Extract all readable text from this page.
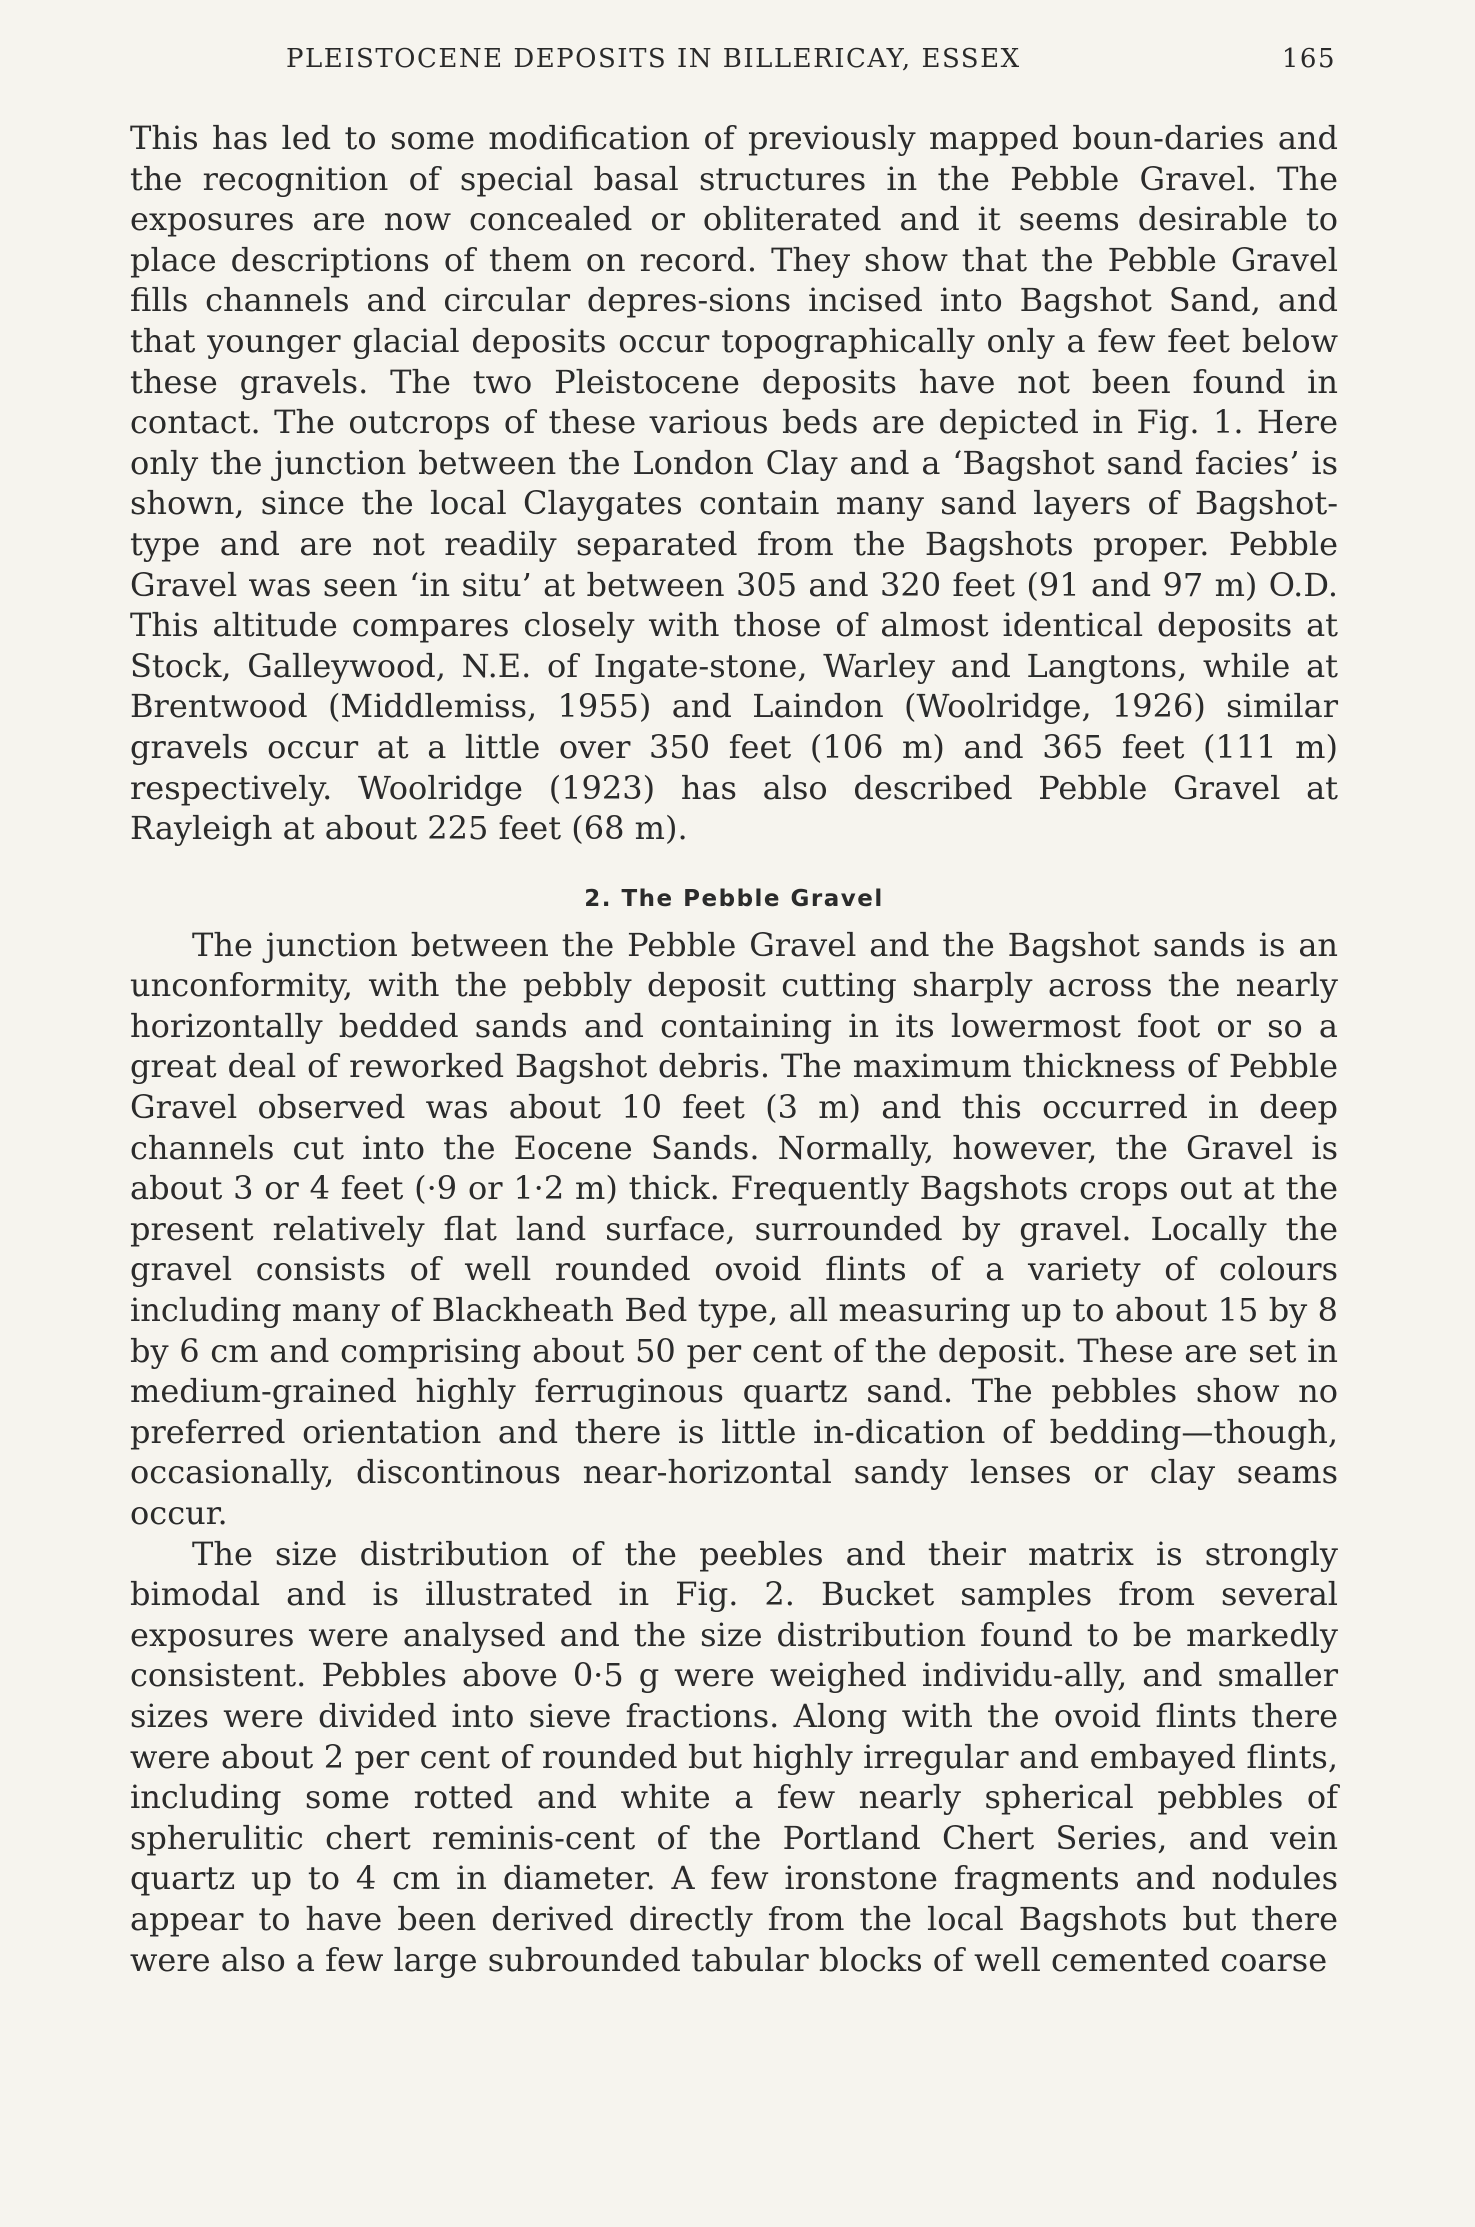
PLEISTOCENE DEPOSITS IN BILLERICAY, ESSEX	165

This has led to some modification of previously mapped boun-daries and the recognition of special basal structures in the Pebble Gravel. The exposures are now concealed or obliterated and it seems desirable to place descriptions of them on record. They show that the Pebble Gravel fills channels and circular depres-sions incised into Bagshot Sand, and that younger glacial deposits occur topographically only a few feet below these gravels. The two Pleistocene deposits have not been found in contact. The outcrops of these various beds are depicted in Fig. 1. Here only the junction between the London Clay and a ‘Bagshot sand facies’ is shown, since the local Claygates contain many sand layers of Bagshot-type and are not readily separated from the Bagshots proper. Pebble Gravel was seen ‘in situ’ at between 305 and 320 feet (91 and 97 m) O.D. This altitude compares closely with those of almost identical deposits at Stock, Galleywood, N.E. of Ingate-stone, Warley and Langtons, while at Brentwood (Middlemiss, 1955) and Laindon (Woolridge, 1926) similar gravels occur at a little over 350 feet (106 m) and 365 feet (111 m) respectively. Woolridge (1923) has also described Pebble Gravel at Rayleigh at about 225 feet (68 m).

2. The Pebble Gravel

The junction between the Pebble Gravel and the Bagshot sands is an unconformity, with the pebbly deposit cutting sharply across the nearly horizontally bedded sands and containing in its lowermost foot or so a great deal of reworked Bagshot debris. The maximum thickness of Pebble Gravel observed was about 10 feet (3 m) and this occurred in deep channels cut into the Eocene Sands. Normally, however, the Gravel is about 3 or 4 feet (·9 or 1·2 m) thick. Frequently Bagshots crops out at the present relatively flat land surface, surrounded by gravel. Locally the gravel consists of well rounded ovoid flints of a variety of colours including many of Blackheath Bed type, all measuring up to about 15 by 8 by 6 cm and comprising about 50 per cent of the deposit. These are set in medium-grained highly ferruginous quartz sand. The pebbles show no preferred orientation and there is little in-dication of bedding—though, occasionally, discontinous near-horizontal sandy lenses or clay seams occur.

The size distribution of the peebles and their matrix is strongly bimodal and is illustrated in Fig. 2. Bucket samples from several exposures were analysed and the size distribution found to be markedly consistent. Pebbles above 0·5 g were weighed individu-ally, and smaller sizes were divided into sieve fractions. Along with the ovoid flints there were about 2 per cent of rounded but highly irregular and embayed flints, including some rotted and white a few nearly spherical pebbles of spherulitic chert reminis-cent of the Portland Chert Series, and vein quartz up to 4 cm in diameter. A few ironstone fragments and nodules appear to have been derived directly from the local Bagshots but there were also a few large subrounded tabular blocks of well cemented coarse
